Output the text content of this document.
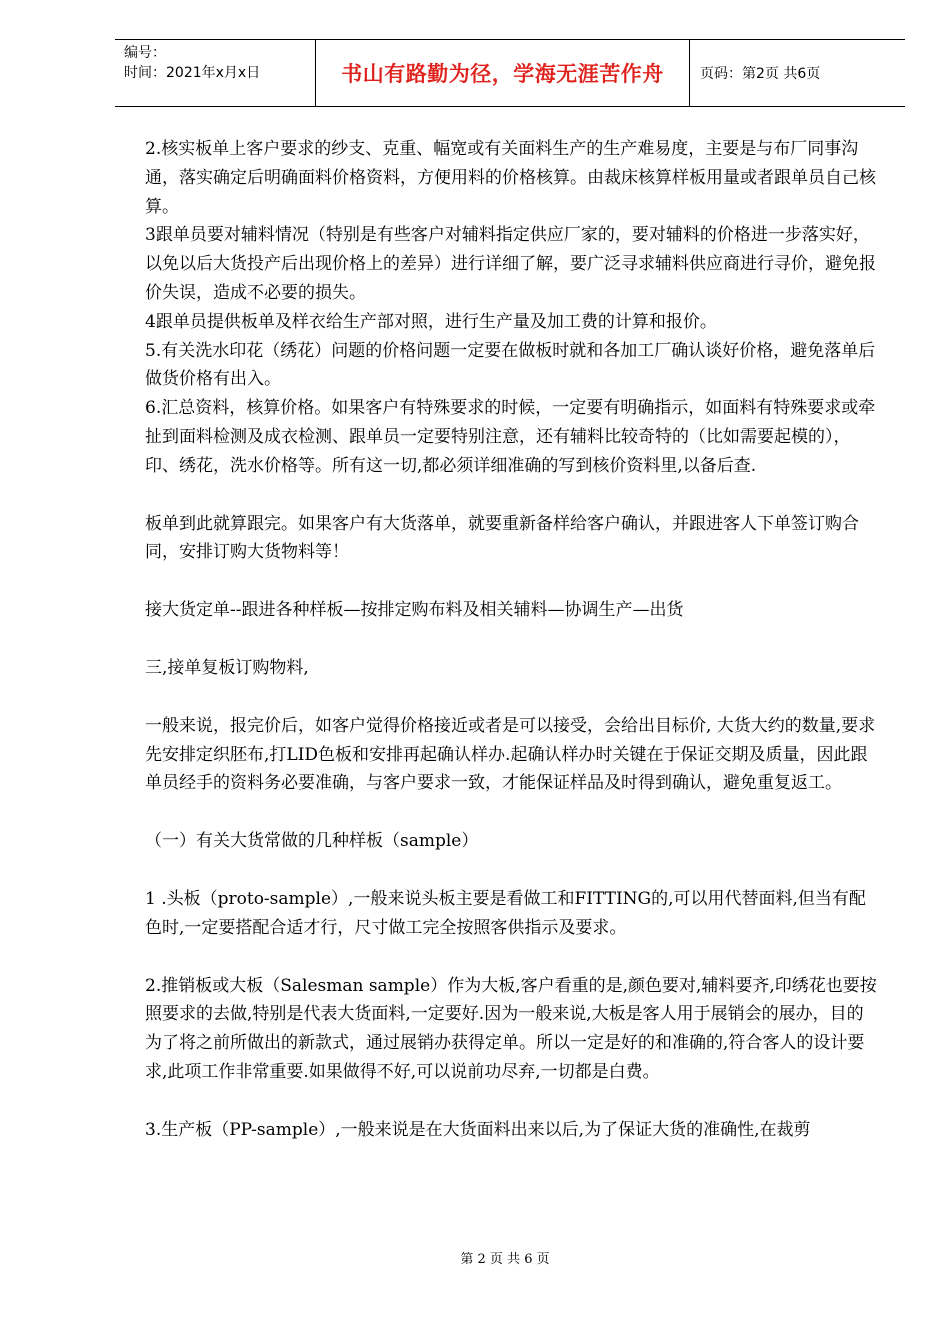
编号：
时间：2021年x月x日	书山有路勤为径，学海无涯苦作舟	页码：第2页 共6页

2.核实板单上客户要求的纱支、克重、幅宽或有关面料生产的生产难易度，主要是与布厂同事沟通，落实确定后明确面料价格资料，方便用料的价格核算。由裁床核算样板用量或者跟单员自己核算。

3跟单员要对辅料情况（特别是有些客户对辅料指定供应厂家的，要对辅料的价格进一步落实好，以免以后大货投产后出现价格上的差异）进行详细了解，要广泛寻求辅料供应商进行寻价，避免报价失误，造成不必要的损失。

4跟单员提供板单及样衣给生产部对照，进行生产量及加工费的计算和报价。

5.有关洗水印花（绣花）问题的价格问题一定要在做板时就和各加工厂确认谈好价格，避免落单后做货价格有出入。

6.汇总资料，核算价格。如果客户有特殊要求的时候，一定要有明确指示，如面料有特殊要求或牵扯到面料检测及成衣检测、跟单员一定要特别注意，还有辅料比较奇特的（比如需要起模的），印、绣花，洗水价格等。所有这一切,都必须详细准确的写到核价资料里,以备后查.

板单到此就算跟完。如果客户有大货落单，就要重新备样给客户确认，并跟进客人下单签订购合同，安排订购大货物料等！

接大货定单--跟进各种样板—按排定购布料及相关辅料—协调生产—出货

三,接单复板订购物料,

一般来说，报完价后，如客户觉得价格接近或者是可以接受，会给出目标价, 大货大约的数量,要求先安排定织胚布,打LID色板和安排再起确认样办.起确认样办时关键在于保证交期及质量，因此跟单员经手的资料务必要准确，与客户要求一致，才能保证样品及时得到确认，避免重复返工。

（一）有关大货常做的几种样板（sample）

1 .头板（proto-sample）,一般来说头板主要是看做工和FITTING的,可以用代替面料,但当有配色时,一定要搭配合适才行，尺寸做工完全按照客供指示及要求。

2.推销板或大板（Salesman sample）作为大板,客户看重的是,颜色要对,辅料要齐,印绣花也要按照要求的去做,特别是代表大货面料,一定要好.因为一般来说,大板是客人用于展销会的展办，目的为了将之前所做出的新款式，通过展销办获得定单。所以一定是好的和准确的,符合客人的设计要求,此项工作非常重要.如果做得不好,可以说前功尽弃,一切都是白费。

3.生产板（PP-sample）,一般来说是在大货面料出来以后,为了保证大货的准确性,在裁剪

第 2 页 共 6 页
